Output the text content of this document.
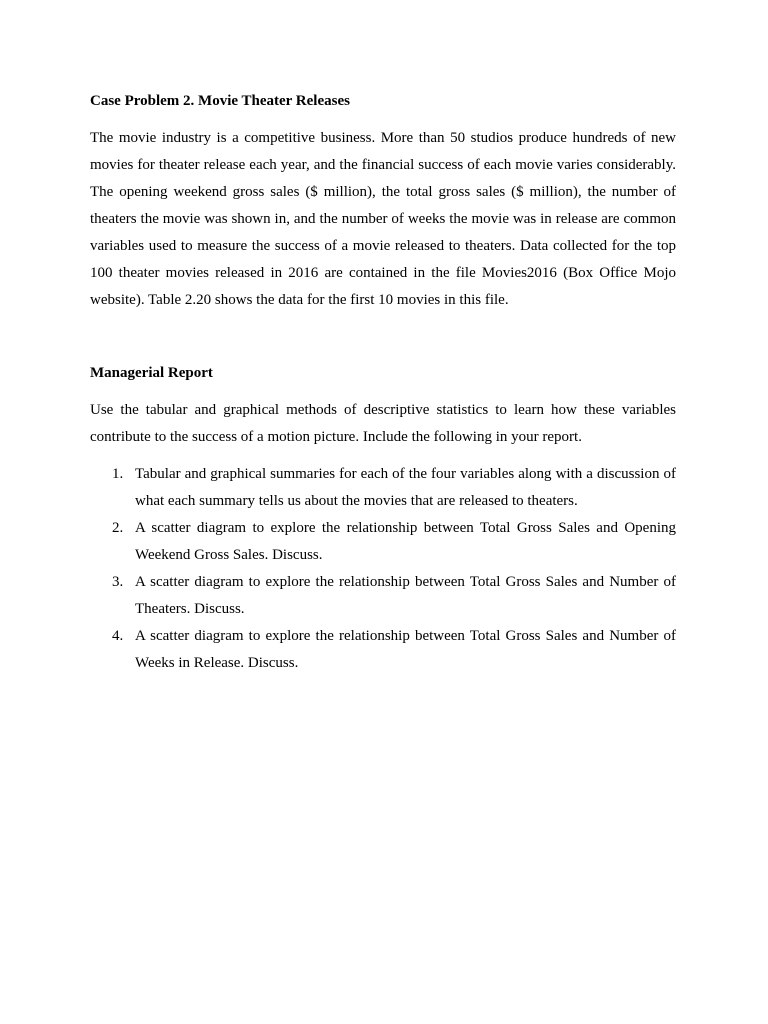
Case Problem 2. Movie Theater Releases

The movie industry is a competitive business. More than 50 studios produce hundreds of new movies for theater release each year, and the financial success of each movie varies considerably. The opening weekend gross sales ($ million), the total gross sales ($ million), the number of theaters the movie was shown in, and the number of weeks the movie was in release are common variables used to measure the success of a movie released to theaters. Data collected for the top 100 theater movies released in 2016 are contained in the file Movies2016 (Box Office Mojo website). Table 2.20 shows the data for the first 10 movies in this file.

Managerial Report

Use the tabular and graphical methods of descriptive statistics to learn how these variables contribute to the success of a motion picture. Include the following in your report.

1. Tabular and graphical summaries for each of the four variables along with a discussion of what each summary tells us about the movies that are released to theaters.
2. A scatter diagram to explore the relationship between Total Gross Sales and Opening Weekend Gross Sales. Discuss.
3. A scatter diagram to explore the relationship between Total Gross Sales and Number of Theaters. Discuss.
4. A scatter diagram to explore the relationship between Total Gross Sales and Number of Weeks in Release. Discuss.
